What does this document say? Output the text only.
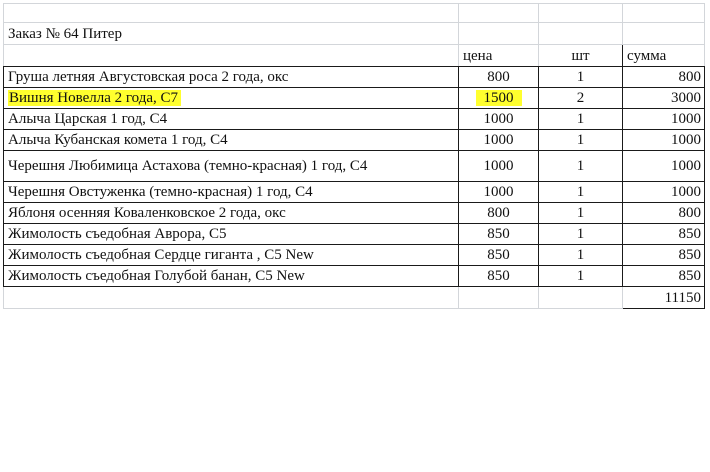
Заказ № 64 Питер			
	цена	шт	сумма
Груша летняя Августовская роса 2 года, окс	800	1	800
Вишня Новелла 2 года, С7	1500	2	3000
Алыча Царская 1 год, С4	1000	1	1000
Алыча Кубанская комета 1 год, С4	1000	1	1000
Черешня Любимица Астахова (темно-красная) 1 год, С4	1000	1	1000
Черешня Овстуженка (темно-красная) 1 год, С4	1000	1	1000
Яблоня осенняя Коваленковское 2 года, окс	800	1	800
Жимолость съедобная Аврора, С5	850	1	850
Жимолость съедобная Сердце гиганта , С5 New	850	1	850
Жимолость съедобная Голубой банан, С5 New	850	1	850
			11150
